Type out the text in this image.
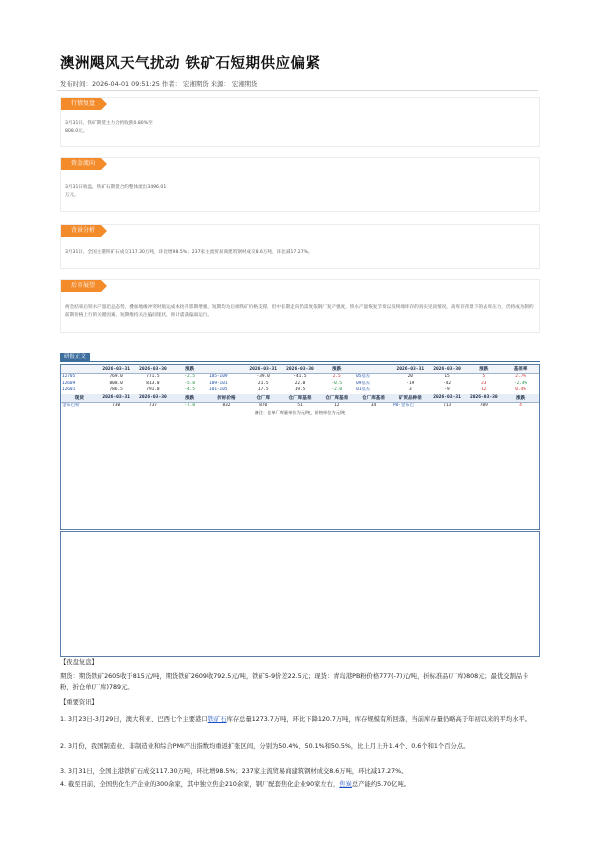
澳洲飓风天气扰动 铁矿石短期供应偏紧
发布时间：2026-04-01 09:51:25 作者： 宏湘期货 来源： 宏湘期货
行情复盘
3月31日，铁矿期货主力合约收跌0.80%至
808.0元。
资金流向
3月31日收盘，铁矿石期货合约整体流出3496.01
万元。
背景分析
3月31日，全国主港铁矿石成交117.30万吨，环比增98.5%；237家主流贸易商建筑钢材成交8.6万吨，环比减17.27%。
后市展望
两会结束后铁水产量迅总态势，叠加地缘冲突时航运成本抬升影期增强，短期均为后端铁矿价格支撑，但中长期走向仍需度依钢厂复产强度，铁水产量恢复节奏以及终端库存的真实见顶情况，高库存背景下的去库压力，仍将成为制约前期价格上行的关键因素，短期维持关注偏间迷状，预计震荡偏弱运行。
研报正文
	2026-03-31	2026-03-30	涨跌		2026-03-31	2026-03-30	涨跌		2026-03-31	2026-03-30	涨跌	基差率
I2705	769.0	771.5	-2.5	I05-I09	-39.0	-41.5	2.5	05基差	20	15	5	2.7%
I2609	808.0	813.0	-5.0	I09-I01	21.5	22.0	-0.5	09基差	-19	-42	23	-2.4%
I2601	786.5	791.0	-4.5	I01-I05	17.5	19.5	-2.0	01基差	3	-9	12	0.4%
现货	2026-03-31	2026-03-30	涨跌	折标价格	仓厂库	仓厂库基差	仓厂库基差	仓厂库基差	矿贸品种差	2026-03-31	2026-03-30	涨跌
金布巴粉	730	737	-7.0	832	870	51	12	34	PB-金布巴	713	709	4
备注：仓单厂库量单位为元/吨，价格单位为元/吨
【夜盘复盘】
期货：期货铁矿2605收于815元/吨，期货铁矿2609收792.5元/吨，铁矿5-9价差22.5元；现货：青岛港PB粉价格777(-7)元/吨，折标准品(厂库)808元；最优交割品卡粉，折仓单(厂库)789元。
【重要资讯】
1. 3月23日-3月29日，澳大利亚、巴西七个主要港口铁矿石库存总量1273.7万吨，环比下降120.7万吨，库存规模有所回落，当前库存量仍略高于年初以来的平均水平。
2. 3月份，我国制造业、非制造业和综合PMI产出指数均重返扩张区间，分别为50.4%、50.1%和50.5%，比上月上升1.4个、0.6个和1个百分点。
3. 3月31日，全国主港铁矿石成交117.30万吨，环比增98.5%；237家主流贸易商建筑钢材成交8.6万吨，环比减17.27%。
4. 截至目前，全国焦化生产企业的300余家，其中独立焦企210余家，钢厂配套焦化企业90家左右，焦炭总产能约5.70亿吨。
